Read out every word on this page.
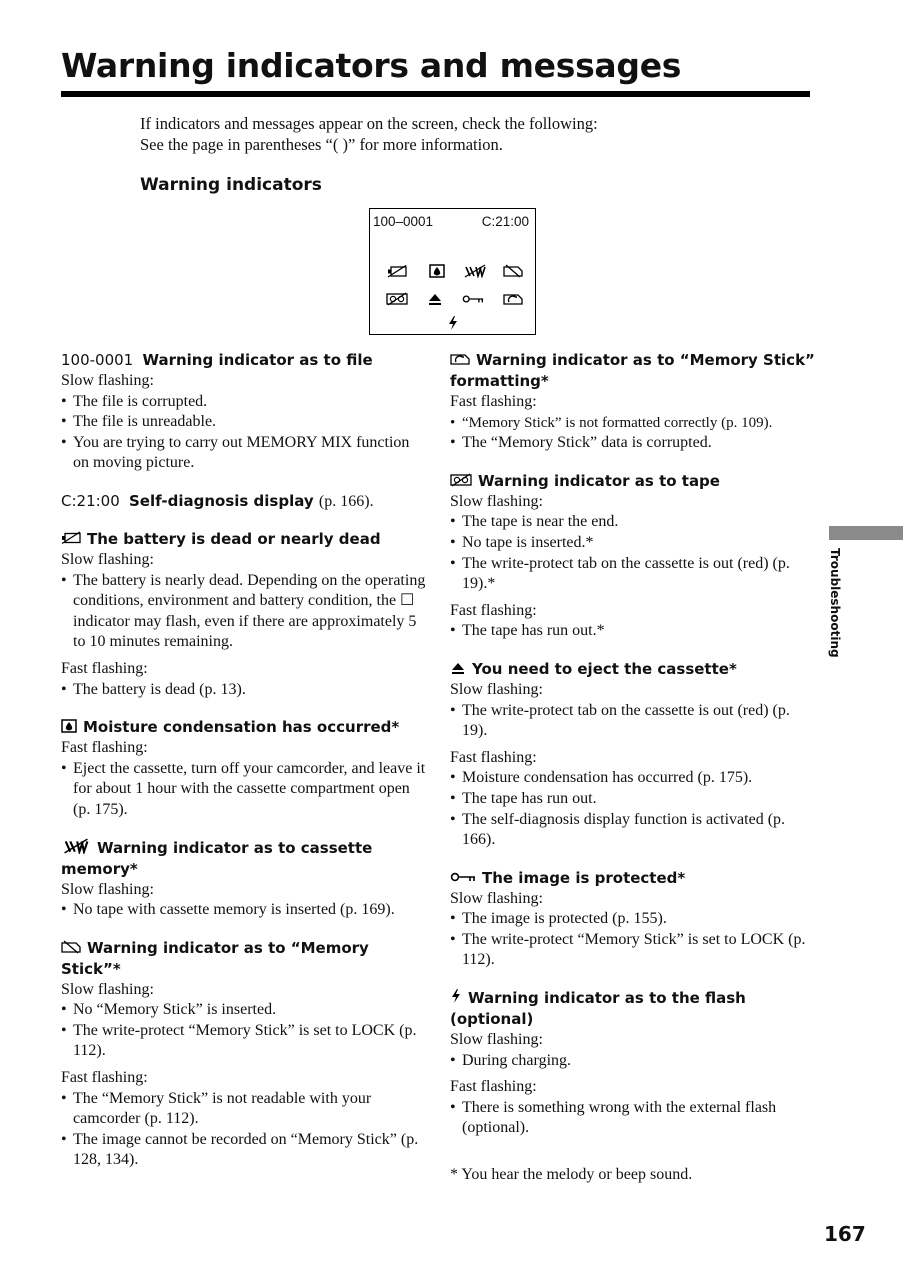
Warning indicators and messages
If indicators and messages appear on the screen, check the following:
See the page in parentheses “( )” for more information.
Warning indicators
100–0001	C:21:00
100-0001 Warning indicator as to file
Slow flashing:
• The file is corrupted.
• The file is unreadable.
• You are trying to carry out MEMORY MIX function on moving picture.
C:21:00 Self-diagnosis display (p. 166).
The battery is dead or nearly dead
Slow flashing:
• The battery is nearly dead. Depending on the operating conditions, environment and battery condition, the ☐ indicator may flash, even if there are approximately 5 to 10 minutes remaining.
Fast flashing:
• The battery is dead (p. 13).
Moisture condensation has occurred*
Fast flashing:
• Eject the cassette, turn off your camcorder, and leave it for about 1 hour with the cassette compartment open (p. 175).
Warning indicator as to cassette memory*
Slow flashing:
• No tape with cassette memory is inserted (p. 169).
Warning indicator as to “Memory Stick”*
Slow flashing:
• No “Memory Stick” is inserted.
• The write-protect “Memory Stick” is set to LOCK (p. 112).
Fast flashing:
• The “Memory Stick” is not readable with your camcorder (p. 112).
• The image cannot be recorded on “Memory Stick” (p. 128, 134).
Warning indicator as to “Memory Stick” formatting*
Fast flashing:
• “Memory Stick” is not formatted correctly (p. 109).
• The “Memory Stick” data is corrupted.
Warning indicator as to tape
Slow flashing:
• The tape is near the end.
• No tape is inserted.*
• The write-protect tab on the cassette is out (red) (p. 19).*
Fast flashing:
• The tape has run out.*
You need to eject the cassette*
Slow flashing:
• The write-protect tab on the cassette is out (red) (p. 19).
Fast flashing:
• Moisture condensation has occurred (p. 175).
• The tape has run out.
• The self-diagnosis display function is activated (p. 166).
The image is protected*
Slow flashing:
• The image is protected (p. 155).
• The write-protect “Memory Stick” is set to LOCK (p. 112).
Warning indicator as to the flash (optional)
Slow flashing:
• During charging.
Fast flashing:
• There is something wrong with the external flash (optional).
* You hear the melody or beep sound.
Troubleshooting
167
